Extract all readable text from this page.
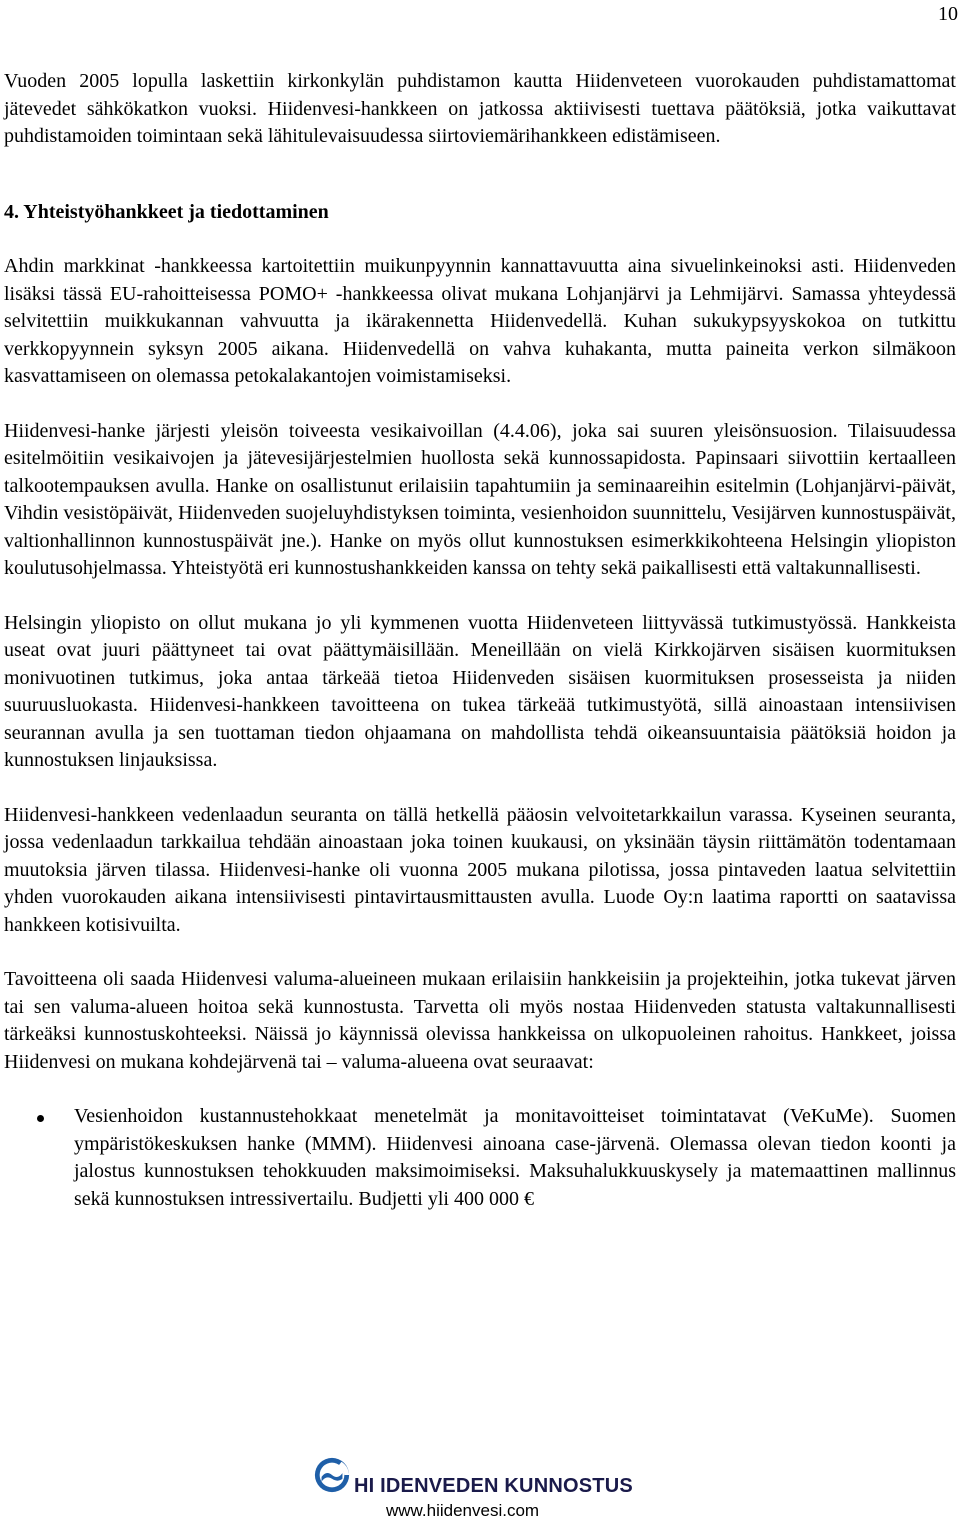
10

Vuoden 2005 lopulla laskettiin kirkonkylän puhdistamon kautta Hiidenveteen vuorokauden puhdistamattomat jätevedet sähkökatkon vuoksi. Hiidenvesi-hankkeen on jatkossa aktiivisesti tuettava päätöksiä, jotka vaikuttavat puhdistamoiden toimintaan sekä lähitulevaisuudessa siirtoviemärihankkeen edistämiseen.

4. Yhteistyöhankkeet ja tiedottaminen

Ahdin markkinat -hankkeessa kartoitettiin muikunpyynnin kannattavuutta aina sivuelinkeinoksi asti. Hiidenveden lisäksi tässä EU-rahoitteisessa POMO+ -hankkeessa olivat mukana Lohjanjärvi ja Lehmijärvi. Samassa yhteydessä selvitettiin muikkukannan vahvuutta ja ikärakennetta Hiidenvedellä. Kuhan sukukypsyyskokoa on tutkittu verkkopyynnein syksyn 2005 aikana. Hiidenvedellä on vahva kuhakanta, mutta paineita verkon silmäkoon kasvattamiseen on olemassa petokalakantojen voimistamiseksi.

Hiidenvesi-hanke järjesti yleisön toiveesta vesikaivoillan (4.4.06), joka sai suuren yleisönsuosion. Tilaisuudessa esitelmöitiin vesikaivojen ja jätevesijärjestelmien huollosta sekä kunnossapidosta. Papinsaari siivottiin kertaalleen talkootempauksen avulla. Hanke on osallistunut erilaisiin tapahtumiin ja seminaareihin esitelmin (Lohjanjärvi-päivät, Vihdin vesistöpäivät, Hiidenveden suojeluyhdistyksen toiminta, vesienhoidon suunnittelu, Vesijärven kunnostuspäivät, valtionhallinnon kunnostuspäivät jne.). Hanke on myös ollut kunnostuksen esimerkkikohteena Helsingin yliopiston koulutusohjelmassa. Yhteistyötä eri kunnostushankkeiden kanssa on tehty sekä paikallisesti että valtakunnallisesti.

Helsingin yliopisto on ollut mukana jo yli kymmenen vuotta Hiidenveteen liittyvässä tutkimustyössä. Hankkeista useat ovat juuri päättyneet tai ovat päättymäisillään. Meneillään on vielä Kirkkojärven sisäisen kuormituksen monivuotinen tutkimus, joka antaa tärkeää tietoa Hiidenveden sisäisen kuormituksen prosesseista ja niiden suuruusluokasta. Hiidenvesi-hankkeen tavoitteena on tukea tärkeää tutkimustyötä, sillä ainoastaan intensiivisen seurannan avulla ja sen tuottaman tiedon ohjaamana on mahdollista tehdä oikeansuuntaisia päätöksiä hoidon ja kunnostuksen linjauksissa.

Hiidenvesi-hankkeen vedenlaadun seuranta on tällä hetkellä pääosin velvoitetarkkailun varassa. Kyseinen seuranta, jossa vedenlaadun tarkkailua tehdään ainoastaan joka toinen kuukausi, on yksinään täysin riittämätön todentamaan muutoksia järven tilassa. Hiidenvesi-hanke oli vuonna 2005 mukana pilotissa, jossa pintaveden laatua selvitettiin yhden vuorokauden aikana intensiivisesti pintavirtausmittausten avulla. Luode Oy:n laatima raportti on saatavissa hankkeen kotisivuilta.

Tavoitteena oli saada Hiidenvesi valuma-alueineen mukaan erilaisiin hankkeisiin ja projekteihin, jotka tukevat järven tai sen valuma-alueen hoitoa sekä kunnostusta. Tarvetta oli myös nostaa Hiidenveden statusta valtakunnallisesti tärkeäksi kunnostuskohteeksi. Näissä jo käynnissä olevissa hankkeissa on ulkopuoleinen rahoitus. Hankkeet, joissa Hiidenvesi on mukana kohdejärvenä tai – valuma-alueena ovat seuraavat:

Vesienhoidon kustannustehokkaat menetelmät ja monitavoitteiset toimintatavat (VeKuMe). Suomen ympäristökeskuksen hanke (MMM). Hiidenvesi ainoana case-järvenä. Olemassa olevan tiedon koonti ja jalostus kunnostuksen tehokkuuden maksimoimiseksi. Maksuhalukkuuskysely ja matemaattinen mallinnus sekä kunnostuksen intressivertailu. Budjetti yli 400 000 €

HI IDENVEDEN KUNNOSTUS
www.hiidenvesi.com
